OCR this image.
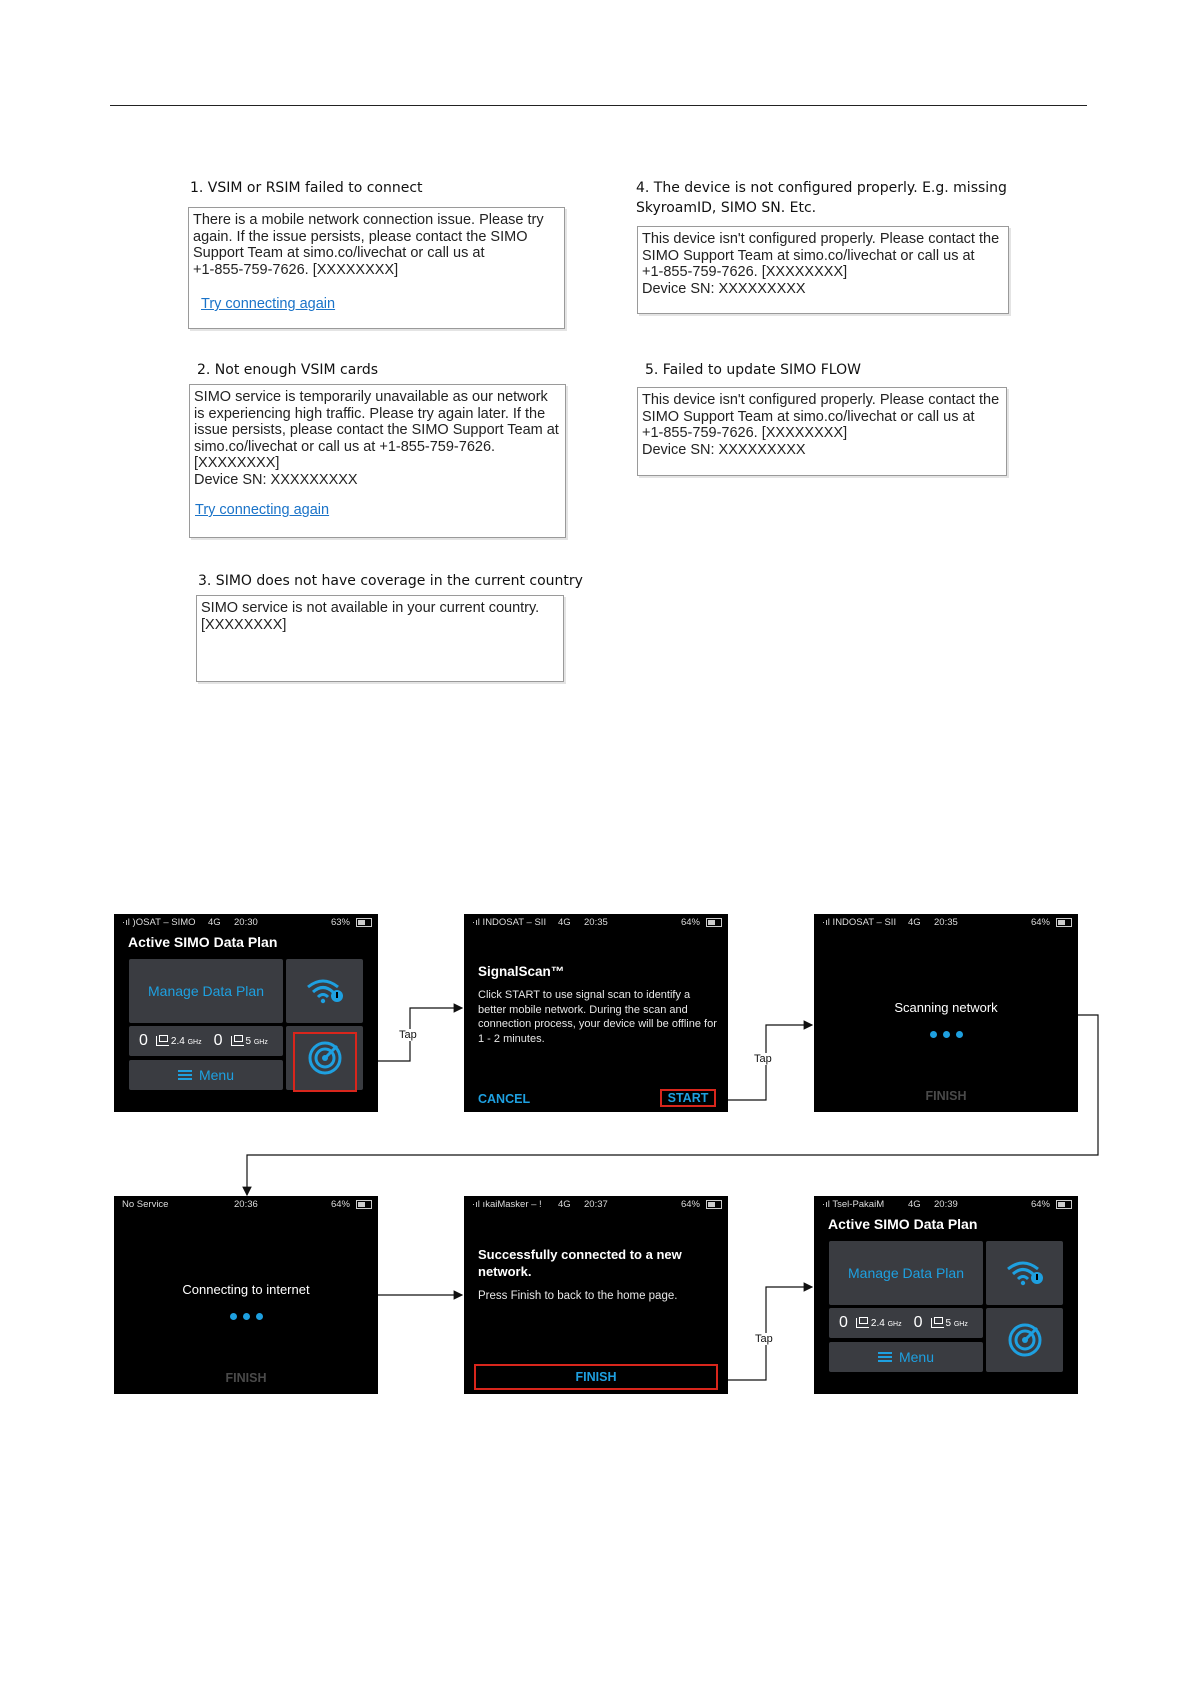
1. VSIM or RSIM failed to connect
There is a mobile network connection issue. Please try
again. If the issue persists, please contact the SIMO
Support Team at simo.co/livechat or call us at
+1-855-759-7626. [XXXXXXXX]
Try connecting again
2. Not enough VSIM cards
SIMO service is temporarily unavailable as our network
is experiencing high traffic. Please try again later. If the
issue persists, please contact the SIMO Support Team at
simo.co/livechat or call us at +1-855-759-7626.
[XXXXXXXX]
Device SN: XXXXXXXXX
Try connecting again
3. SIMO does not have coverage in the current country
SIMO service is not available in your current country.
[XXXXXXXX]
4. The device is not configured properly. E.g. missing
SkyroamID, SIMO SN. Etc.
This device isn't configured properly. Please contact the
SIMO Support Team at simo.co/livechat or call us at
+1-855-759-7626. [XXXXXXXX]
Device SN: XXXXXXXXX
5. Failed to update SIMO FLOW
This device isn't configured properly. Please contact the
SIMO Support Team at simo.co/livechat or call us at
+1-855-759-7626. [XXXXXXXX]
Device SN: XXXXXXXXX
Tap
Tap
Tap
·ıl )OSAT – SIMO 4G 20:30	63%
Active SIMO Data Plan
Manage Data Plan
0 2.4 GHz 0 5 GHz
Menu
·ıl INDOSAT – SII 4G 20:35	64%
SignalScan™
Click START to use signal scan to identify a better mobile network. During the scan and connection process, your device will be offline for 1 - 2 minutes.
CANCEL	START
·ıl INDOSAT – SII 4G 20:35	64%
Scanning network
FINISH
No Service	20:36	64%
Connecting to internet
FINISH
·ıl ıkaiMasker – ! 4G 20:37	64%
Successfully connected to a new network.
Press Finish to back to the home page.
FINISH
·ıl Tsel-PakaiM	4G 20:39	64%
Active SIMO Data Plan
Manage Data Plan
0 2.4 GHz 0 5 GHz
Menu
